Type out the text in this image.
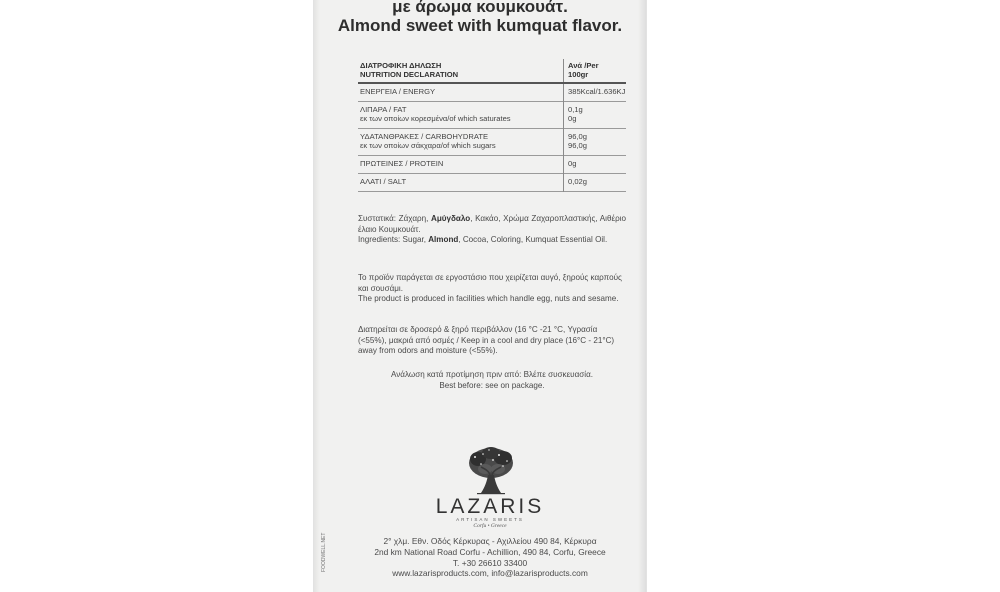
με άρωμα κουμκουάτ.
Almond sweet with kumquat flavor.
ΔΙΑΤΡΟΦΙΚΗ ΔΗΛΩΣΗ
NUTRITION DECLARATION	Ανά /Per
100gr

ΕΝΕΡΓΕΙΑ / ENERGY	385Kcal/1.636KJ

ΛΙΠΑΡΑ / FAT
εκ των οποίων κορεσμένα/of which saturates	0,1g
0g

ΥΔΑΤΑΝΘΡΑΚΕΣ / CARBOHYDRATE
εκ των οποίων σάκχαρα/of which sugars	96,0g
96,0g

ΠΡΩΤΕΙΝΕΣ / PROTEIN	0g
ΑΛΑΤΙ / SALT	0,02g
Συστατικά: Ζάχαρη, Αμύγδαλο, Κακάο, Χρώμα Ζαχαροπλαστικής, Αιθέριο έλαιο Κουμκουάτ.
Ingredients: Sugar, Almond, Cocoa, Coloring, Kumquat Essential Oil.
Το προϊόν παράγεται σε εργοστάσιο που χειρίζεται αυγό, ξηρούς καρπούς και σουσάμι.
The product is produced in facilities which handle egg, nuts and sesame.
Διατηρείται σε δροσερό & ξηρό περιβάλλον (16 °C -21 °C, Υγρασία (<55%), μακριά από οσμές / Keep in a cool and dry place (16°C - 21°C) away from odors and moisture (<55%).
Ανάλωση κατά προτίμηση πριν από: Βλέπε συσκευασία.
Best before: see on package.
LAZARIS
ARTISAN SWEETS
Corfu • Greece
2° χλμ. Εθν. Οδός Κέρκυρας - Αχιλλείου 490 84, Κέρκυρα
2nd km National Road Corfu - Achillion, 490 84, Corfu, Greece
T. +30 26610 33400
www.lazarisproducts.com, info@lazarisproducts.com
FOODWELL.NET
